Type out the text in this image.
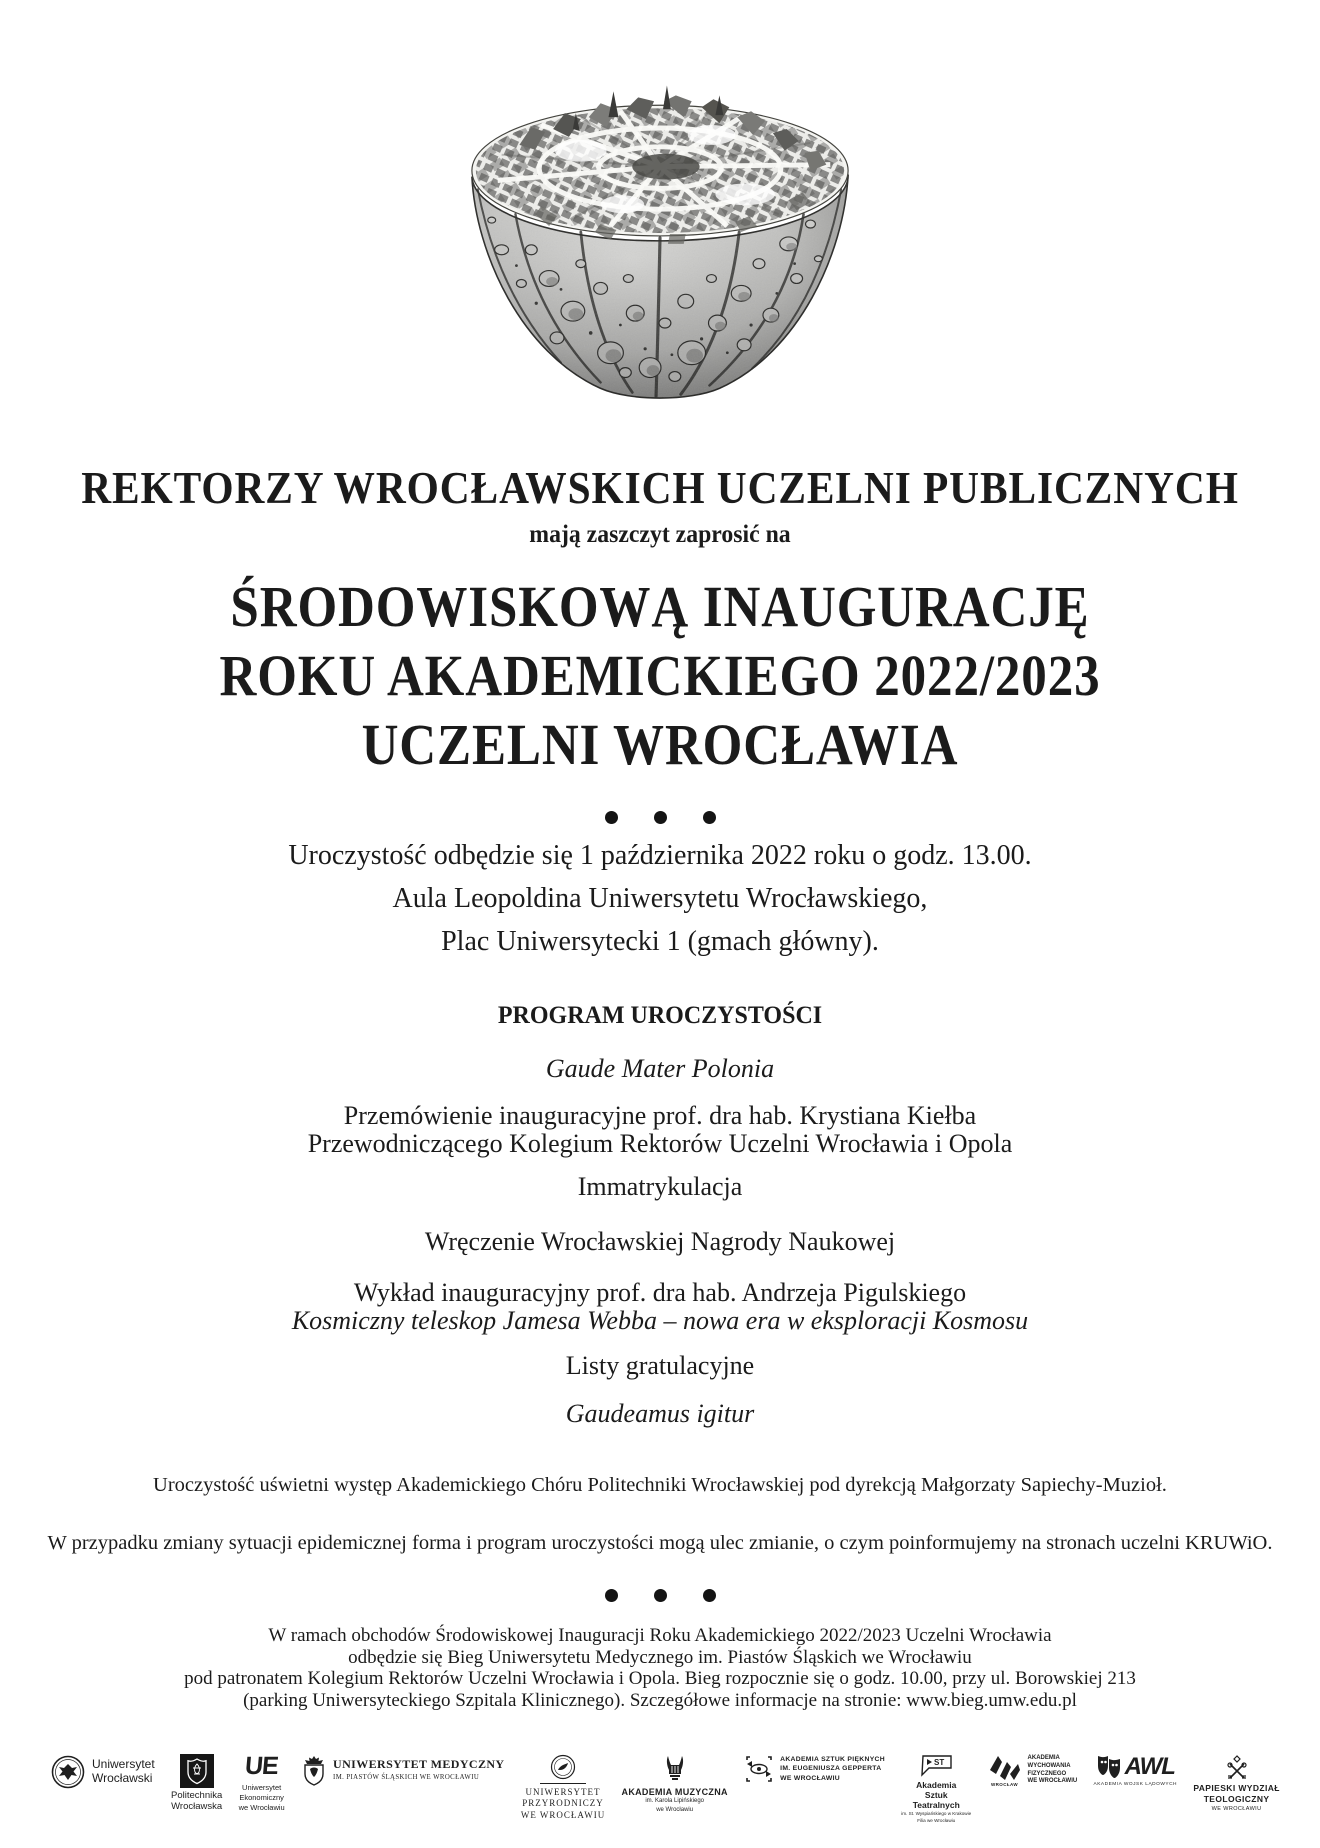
REKTORZY WROCŁAWSKICH UCZELNI PUBLICZNYCH
mają zaszczyt zaprosić na
ŚRODOWISKOWĄ INAUGURACJĘ
ROKU AKADEMICKIEGO 2022/2023
UCZELNI WROCŁAWIA
Uroczystość odbędzie się 1 października 2022 roku o godz. 13.00.
Aula Leopoldina Uniwersytetu Wrocławskiego,
Plac Uniwersytecki 1 (gmach główny).
PROGRAM UROCZYSTOŚCI
Gaude Mater Polonia
Przemówienie inauguracyjne prof. dra hab. Krystiana Kiełba
Przewodniczącego Kolegium Rektorów Uczelni Wrocławia i Opola
Immatrykulacja
Wręczenie Wrocławskiej Nagrody Naukowej
Wykład inauguracyjny prof. dra hab. Andrzeja Pigulskiego
Kosmiczny teleskop Jamesa Webba – nowa era w eksploracji Kosmosu
Listy gratulacyjne
Gaudeamus igitur
Uroczystość uświetni występ Akademickiego Chóru Politechniki Wrocławskiej pod dyrekcją Małgorzaty Sapiechy-Muzioł.
W przypadku zmiany sytuacji epidemicznej forma i program uroczystości mogą ulec zmianie, o czym poinformujemy na stronach uczelni KRUWiO.
W ramach obchodów Środowiskowej Inauguracji Roku Akademickiego 2022/2023 Uczelni Wrocławia
odbędzie się Bieg Uniwersytetu Medycznego im. Piastów Śląskich we Wrocławiu
pod patronatem Kolegium Rektorów Uczelni Wrocławia i Opola. Bieg rozpocznie się o godz. 10.00, przy ul. Borowskiej 213
(parking Uniwersyteckiego Szpitala Klinicznego). Szczegółowe informacje na stronie: www.bieg.umw.edu.pl
Uniwersytet
Wrocławski
Politechnika
Wrocławska
UE
Uniwersytet
Ekonomiczny
we Wrocławiu
UNIWERSYTET MEDYCZNY
IM. PIASTÓW ŚLĄSKICH WE WROCŁAWIU
UNIWERSYTET
PRZYRODNICZY
WE WROCŁAWIU
AKADEMIA MUZYCZNA
im. Karola Lipińskiego
we Wrocławiu
AKADEMIA SZTUK PIĘKNYCH
IM. EUGENIUSZA GEPPERTA
WE WROCŁAWIU
ST
Akademia
Sztuk
Teatralnych
im. St. Wyspiańskiego w Krakowie
Filia we Wrocławiu
WROCŁAW
AKADEMIA
WYCHOWANIA
FIZYCZNEGO
WE WROCŁAWIU
AWL
AKADEMIA WOJSK LĄDOWYCH PAPIESKI WYDZIAŁ
TEOLOGICZNY
WE WROCŁAWIU
